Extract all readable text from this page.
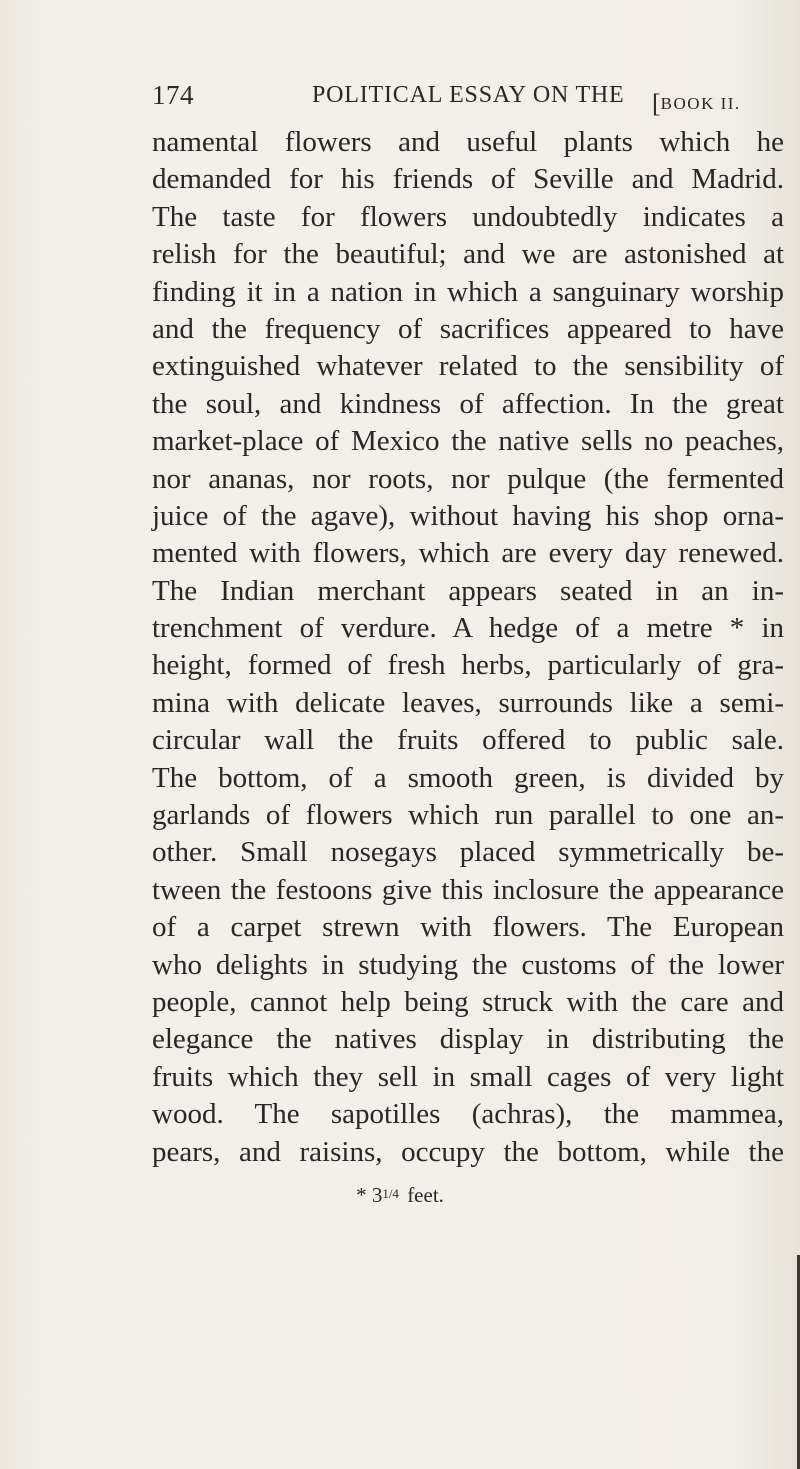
174	POLITICAL ESSAY ON THE [BOOK II.
namental flowers and useful plants which he
demanded for his friends of Seville and Madrid.
The taste for flowers undoubtedly indicates a
relish for the beautiful; and we are astonished at
finding it in a nation in which a sanguinary worship
and the frequency of sacrifices appeared to have
extinguished whatever related to the sensibility of
the soul, and kindness of affection. In the great
market-place of Mexico the native sells no peaches,
nor ananas, nor roots, nor pulque (the fermented
juice of the agave), without having his shop orna-
mented with flowers, which are every day renewed.
The Indian merchant appears seated in an in-
trenchment of verdure. A hedge of a metre * in
height, formed of fresh herbs, particularly of gra-
mina with delicate leaves, surrounds like a semi-
circular wall the fruits offered to public sale.
The bottom, of a smooth green, is divided by
garlands of flowers which run parallel to one an-
other. Small nosegays placed symmetrically be-
tween the festoons give this inclosure the appearance
of a carpet strewn with flowers. The European
who delights in studying the customs of the lower
people, cannot help being struck with the care and
elegance the natives display in distributing the
fruits which they sell in small cages of very light
wood. The sapotilles (achras), the mammea,
pears, and raisins, occupy the bottom, while the
* 31/4 feet.
